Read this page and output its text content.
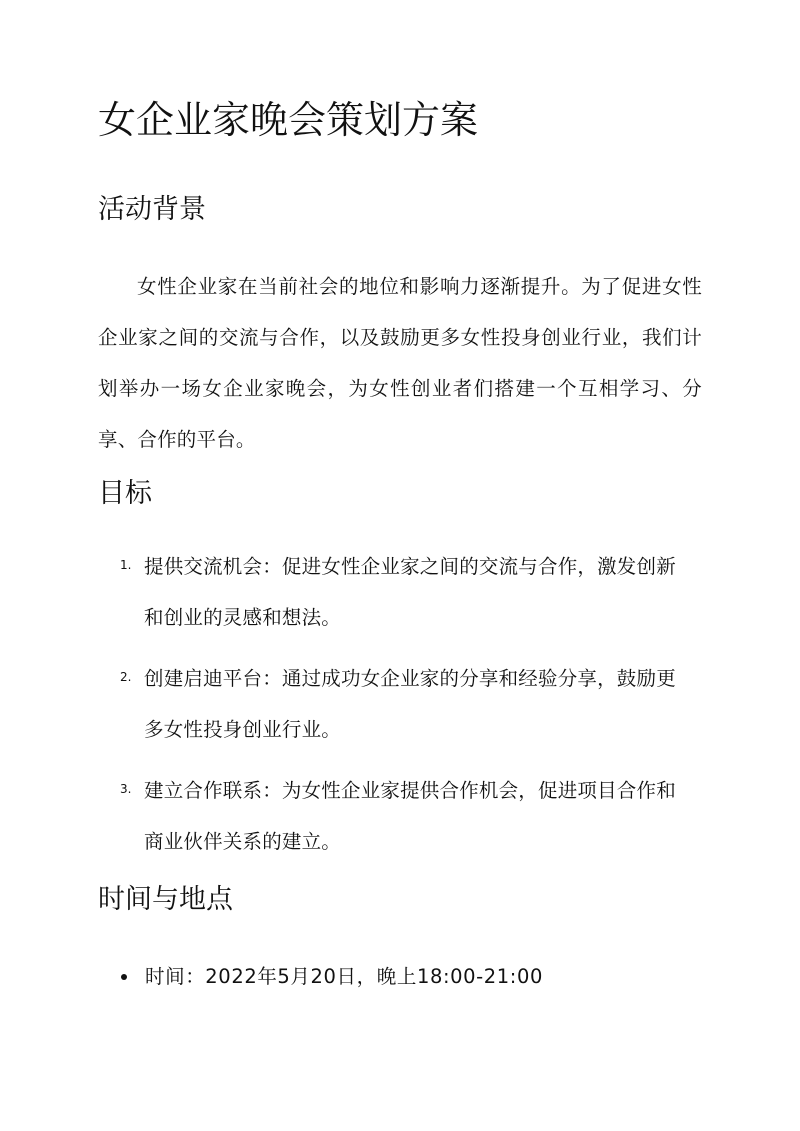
女企业家晚会策划方案
活动背景

女性企业家在当前社会的地位和影响力逐渐提升。为了促进女性企业家之间的交流与合作，以及鼓励更多女性投身创业行业，我们计划举办一场女企业家晚会，为女性创业者们搭建一个互相学习、分享、合作的平台。

目标
1. 提供交流机会：促进女性企业家之间的交流与合作，激发创新和创业的灵感和想法。

2. 创建启迪平台：通过成功女企业家的分享和经验分享，鼓励更多女性投身创业行业。

3. 建立合作联系：为女性企业家提供合作机会，促进项目合作和商业伙伴关系的建立。

时间与地点
时间：2022年5月20日，晚上18:00-21:00
